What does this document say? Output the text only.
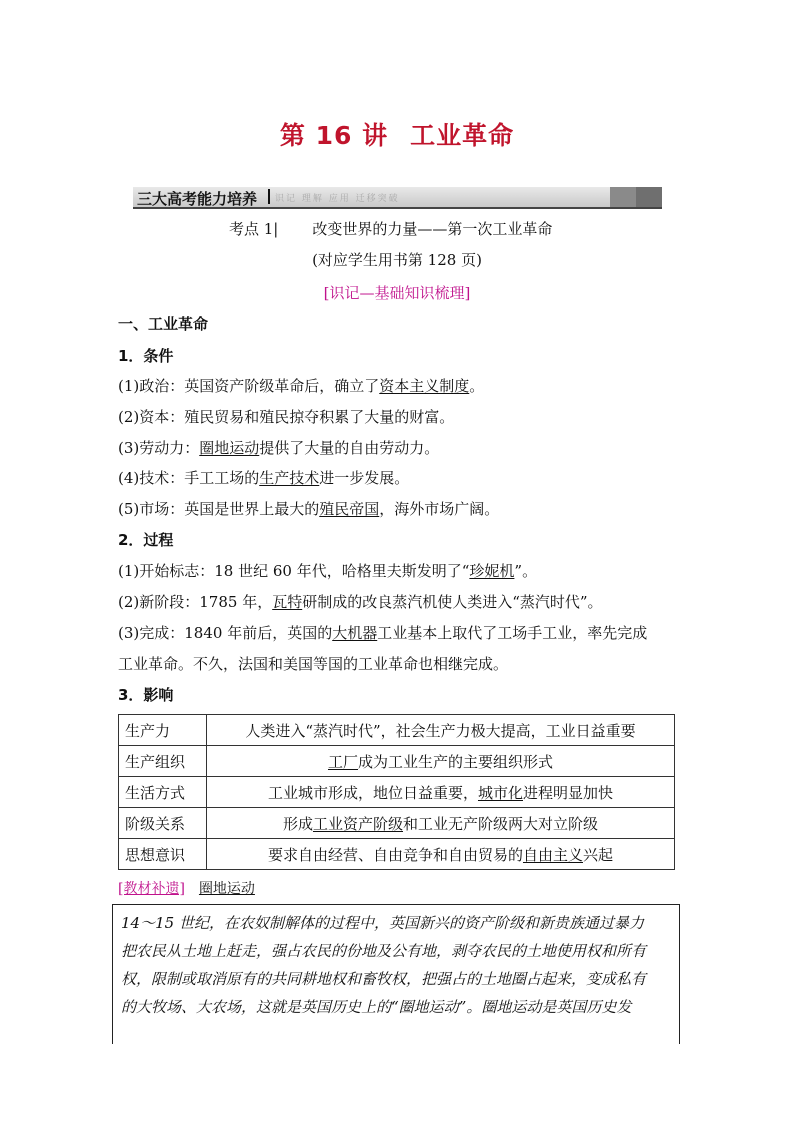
第 16 讲 工业革命
三大高考能力培养 识记 理解 应用 迁移突破
考点 1| 改变世界的力量——第一次工业革命
(对应学生用书第 128 页)
[识记—基础知识梳理]
一、工业革命
1．条件
(1)政治：英国资产阶级革命后，确立了资本主义制度。
(2)资本：殖民贸易和殖民掠夺积累了大量的财富。
(3)劳动力：圈地运动提供了大量的自由劳动力。
(4)技术：手工工场的生产技术进一步发展。
(5)市场：英国是世界上最大的殖民帝国，海外市场广阔。
2．过程
(1)开始标志：18 世纪 60 年代，哈格里夫斯发明了“珍妮机”。
(2)新阶段：1785 年，瓦特研制成的改良蒸汽机使人类进入“蒸汽时代”。
(3)完成：1840 年前后，英国的大机器工业基本上取代了工场手工业，率先完成
工业革命。不久，法国和美国等国的工业革命也相继完成。
3．影响
生产力	人类进入“蒸汽时代”，社会生产力极大提高，工业日益重要
生产组织	工厂成为工业生产的主要组织形式
生活方式	工业城市形成，地位日益重要，城市化进程明显加快
阶级关系	形成工业资产阶级和工业无产阶级两大对立阶级
思想意识	要求自由经营、自由竞争和自由贸易的自由主义兴起
[教材补遗] 圈地运动
14～15 世纪，在农奴制解体的过程中，英国新兴的资产阶级和新贵族通过暴力
把农民从土地上赶走，强占农民的份地及公有地，剥夺农民的土地使用权和所有
权，限制或取消原有的共同耕地权和畜牧权，把强占的土地圈占起来，变成私有
的大牧场、大农场，这就是英国历史上的“圈地运动”。圈地运动是英国历史发
